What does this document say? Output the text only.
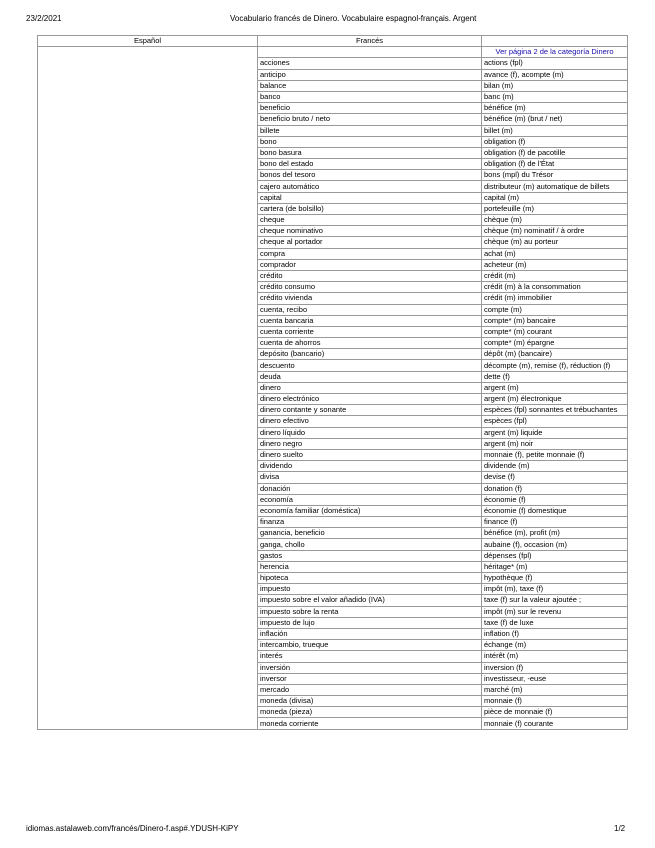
23/2/2021	Vocabulario francés de Dinero. Vocabulaire espagnol-français. Argent
Español	Francés	
		Ver página 2 de la categoría Dinero
	acciones	actions (fpl)
	anticipo	avance (f), acompte (m)
	balance	bilan (m)
	banco	banc (m)
	beneficio	bénéfice (m)
	beneficio bruto / neto	bénéfice (m) (brut / net)
	billete	billet (m)
	bono	obligation (f)
	bono basura	obligation (f) de pacotille
	bono del estado	obligation (f) de l'État
	bonos del tesoro	bons (mpl) du Trésor
	cajero automático	distributeur (m) automatique de billets
	capital	capital (m)
	cartera (de bolsillo)	portefeuille (m)
	cheque	chèque (m)
	cheque nominativo	chèque (m) nominatif / à ordre
	cheque al portador	chèque (m) au porteur
	compra	achat (m)
	comprador	acheteur (m)
	crédito	crédit (m)
	crédito consumo	crédit (m) à la consommation
	crédito vivienda	crédit (m) immobilier
	cuenta, recibo	compte (m)
	cuenta bancaria	compte* (m) bancaire
	cuenta corriente	compte* (m) courant
	cuenta de ahorros	compte* (m) épargne
	depósito (bancario)	dépôt (m) (bancaire)
	descuento	décompte (m), remise (f), réduction (f)
	deuda	dette (f)
	dinero	argent (m)
	dinero electrónico	argent (m) électronique
	dinero contante y sonante	espèces (fpl) sonnantes et trébuchantes
	dinero efectivo	espèces (fpl)
	dinero líquido	argent (m) liquide
	dinero negro	argent (m) noir
	dinero suelto	monnaie (f), petite monnaie (f)
	dividendo	dividende (m)
	divisa	devise (f)
	donación	donation (f)
	economía	économie (f)
	economía familiar (doméstica)	économie (f) domestique
	finanza	finance (f)
	ganancia, beneficio	bénéfice (m), profit (m)
	ganga, chollo	aubaine (f), occasion (m)
	gastos	dépenses (fpl)
	herencia	héritage* (m)
	hipoteca	hypothèque (f)
	impuesto	impôt (m), taxe (f)
	impuesto sobre el valor añadido (IVA)	taxe (f) sur la valeur ajoutée ;
	impuesto sobre la renta	impôt (m) sur le revenu
	impuesto de lujo	taxe (f) de luxe
	inflación	inflation (f)
	intercambio, trueque	échange (m)
	interés	intérêt (m)
	inversión	inversion (f)
	inversor	investisseur, -euse
	mercado	marché (m)
	moneda (divisa)	monnaie (f)
	moneda (pieza)	pièce de monnaie (f)
	moneda corriente	monnaie (f) courante
idiomas.astalaweb.com/francés/Dinero-f.asp#.YDUSH-KiPY	1/2
